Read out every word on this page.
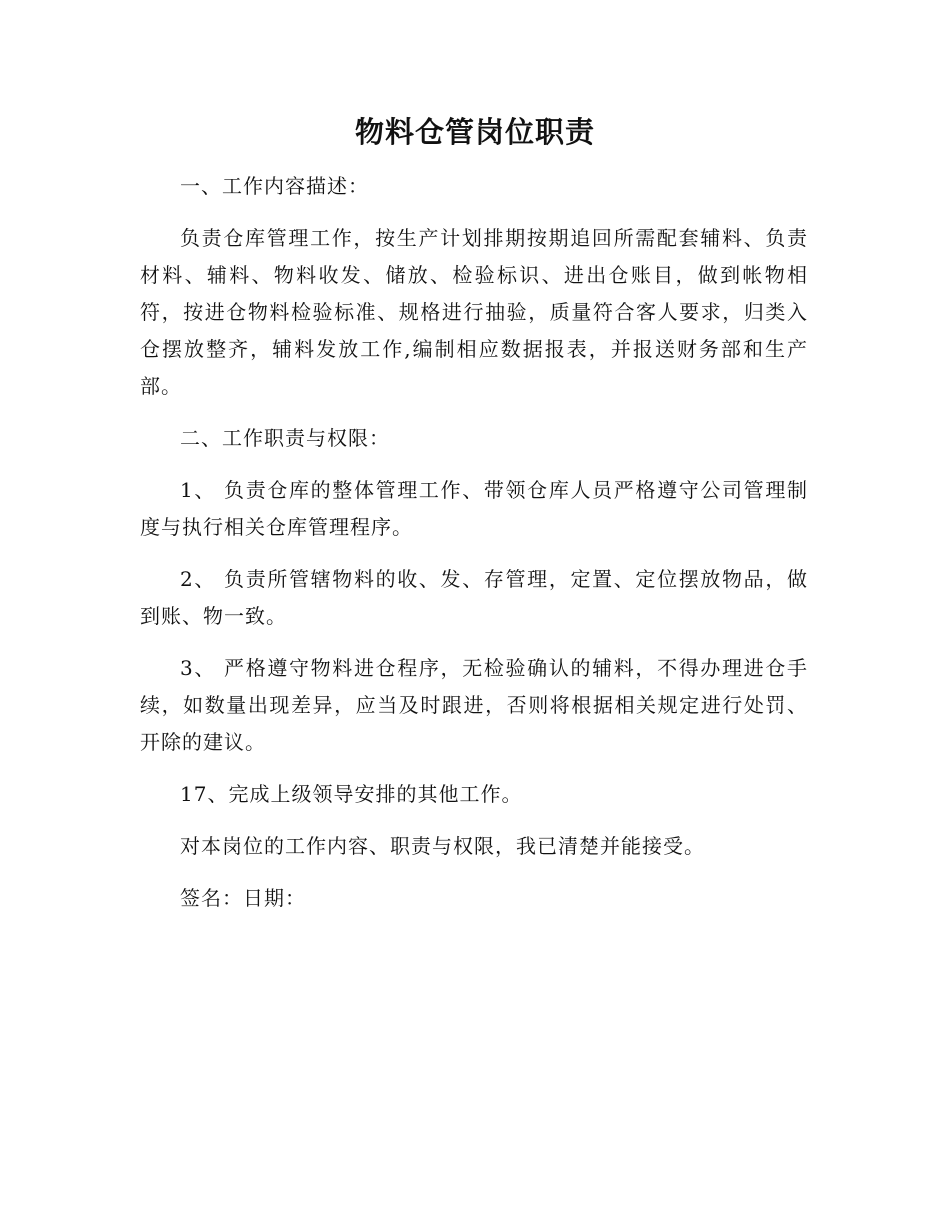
物料仓管岗位职责

一、工作内容描述：

负责仓库管理工作，按生产计划排期按期追回所需配套辅料、负责材料、辅料、物料收发、储放、检验标识、进出仓账目，做到帐物相符，按进仓物料检验标准、规格进行抽验，质量符合客人要求，归类入仓摆放整齐，辅料发放工作,编制相应数据报表，并报送财务部和生产部。

二、工作职责与权限：

1、 负责仓库的整体管理工作、带领仓库人员严格遵守公司管理制度与执行相关仓库管理程序。

2、 负责所管辖物料的收、发、存管理，定置、定位摆放物品，做到账、物一致。

3、 严格遵守物料进仓程序，无检验确认的辅料，不得办理进仓手续，如数量出现差异，应当及时跟进，否则将根据相关规定进行处罚、开除的建议。

17、完成上级领导安排的其他工作。

对本岗位的工作内容、职责与权限，我已清楚并能接受。

签名：日期：
